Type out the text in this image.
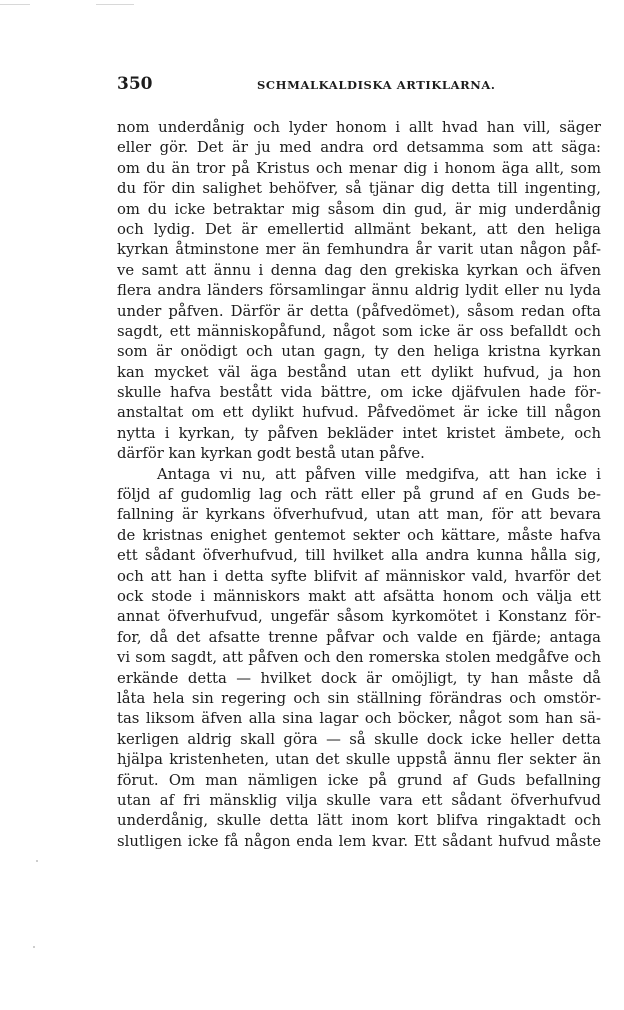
350	SCHMALKALDISKA ARTIKLARNA.
nom underdånig och lyder honom i allt hvad han vill, säger
eller gör. Det är ju med andra ord detsamma som att säga:
om du än tror på Kristus och menar dig i honom äga allt, som
du för din salighet behöfver, så tjänar dig detta till ingenting,
om du icke betraktar mig såsom din gud, är mig underdånig
och lydig. Det är emellertid allmänt bekant, att den heliga
kyrkan åtminstone mer än femhundra år varit utan någon påf-
ve samt att ännu i denna dag den grekiska kyrkan och äfven
flera andra länders församlingar ännu aldrig lydit eller nu lyda
under påfven. Därför är detta (påfvedömet), såsom redan ofta
sagdt, ett människopåfund, något som icke är oss befalldt och
som är onödigt och utan gagn, ty den heliga kristna kyrkan
kan mycket väl äga bestånd utan ett dylikt hufvud, ja hon
skulle hafva bestått vida bättre, om icke djäfvulen hade för-
anstaltat om ett dylikt hufvud. Påfvedömet är icke till någon
nytta i kyrkan, ty påfven bekläder intet kristet ämbete, och
därför kan kyrkan godt bestå utan påfve.
Antaga vi nu, att påfven ville medgifva, att han icke i
följd af gudomlig lag och rätt eller på grund af en Guds be-
fallning är kyrkans öfverhufvud, utan att man, för att bevara
de kristnas enighet gentemot sekter och kättare, måste hafva
ett sådant öfverhufvud, till hvilket alla andra kunna hålla sig,
och att han i detta syfte blifvit af människor vald, hvarför det
ock stode i människors makt att afsätta honom och välja ett
annat öfverhufvud, ungefär såsom kyrkomötet i Konstanz för-
for, då det afsatte trenne påfvar och valde en fjärde; antaga
vi som sagdt, att påfven och den romerska stolen medgåfve och
erkände detta — hvilket dock är omöjligt, ty han måste då
låta hela sin regering och sin ställning förändras och omstör-
tas liksom äfven alla sina lagar och böcker, något som han sä-
kerligen aldrig skall göra — så skulle dock icke heller detta
hjälpa kristenheten, utan det skulle uppstå ännu fler sekter än
förut. Om man nämligen icke på grund af Guds befallning
utan af fri mänsklig vilja skulle vara ett sådant öfverhufvud
underdånig, skulle detta lätt inom kort blifva ringaktadt och
slutligen icke få någon enda lem kvar. Ett sådant hufvud måste
